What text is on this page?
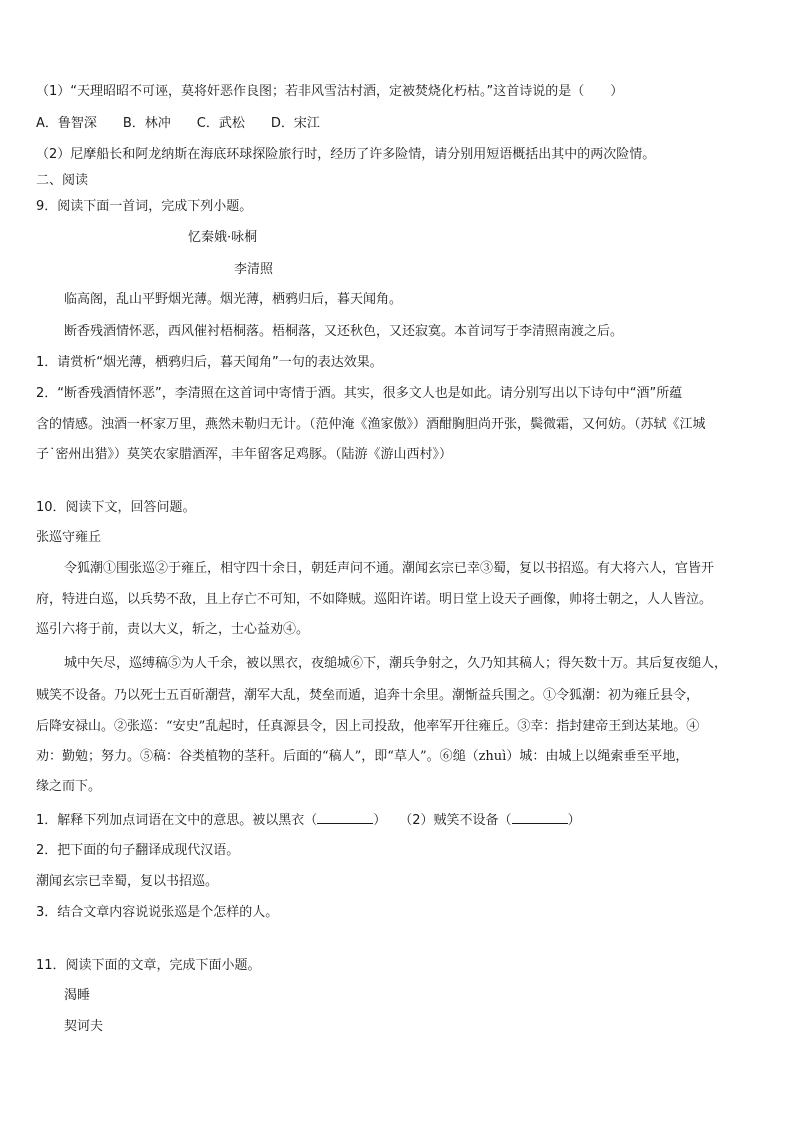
（1）“天理昭昭不可诬，莫将奸恶作良图；若非风雪沽村酒，定被焚烧化朽枯。”这首诗说的是（　　）
A．鲁智深　　B．林冲　　C．武松　　D．宋江
（2）尼摩船长和阿龙纳斯在海底环球探险旅行时，经历了许多险情，请分别用短语概括出其中的两次险情。
二、阅读
9．阅读下面一首词，完成下列小题。
忆秦娥·咏桐
李清照
临高阁，乱山平野烟光薄。烟光薄，栖鸦归后，暮天闻角。
断香残酒情怀恶，西风催衬梧桐落。梧桐落，又还秋色，又还寂寞。本首词写于李清照南渡之后。
1．请赏析“烟光薄，栖鸦归后，暮天闻角”一句的表达效果。
2．“断香残酒情怀恶”，李清照在这首词中寄情于酒。其实，很多文人也是如此。请分别写出以下诗句中“酒”所蕴
含的情感。浊酒一杯家万里，燕然未勒归无计。（范仲淹《渔家傲》）酒酣胸胆尚开张，鬓微霜，又何妨。（苏轼《江城
子˙密州出猎》）莫笑农家腊酒浑，丰年留客足鸡豚。（陆游《游山西村》）
10．阅读下文，回答问题。
张巡守雍丘
令狐潮①围张巡②于雍丘，相守四十余日，朝廷声问不通。潮闻玄宗已幸③蜀，复以书招巡。有大将六人，官皆开
府，特进白巡，以兵势不敌，且上存亡不可知，不如降贼。巡阳许诺。明日堂上设天子画像，帅将士朝之，人人皆泣。
巡引六将于前，责以大义，斩之，士心益劝④。
城中矢尽，巡缚稿⑤为人千余，被以黑衣，夜缒城⑥下，潮兵争射之，久乃知其稿人；得矢数十万。其后复夜缒人，
贼笑不设备。乃以死士五百斫潮营，潮军大乱，焚垒而遁，追奔十余里。潮惭益兵围之。①令狐潮：初为雍丘县令，
后降安禄山。②张巡：“安史”乱起时，任真源县令，因上司投敌，他率军开往雍丘。③幸：指封建帝王到达某地。④
劝：勤勉；努力。⑤稿：谷类植物的茎秆。后面的“稿人”，即“草人”。⑥缒（zhuì）城：由城上以绳索垂至平地，
缘之而下。
1．解释下列加点词语在文中的意思。被以黑衣（	）　　（2）贼笑不设备（	）
2．把下面的句子翻译成现代汉语。
潮闻玄宗已幸蜀，复以书招巡。
3．结合文章内容说说张巡是个怎样的人。
11．阅读下面的文章，完成下面小题。
渴睡
契诃夫
